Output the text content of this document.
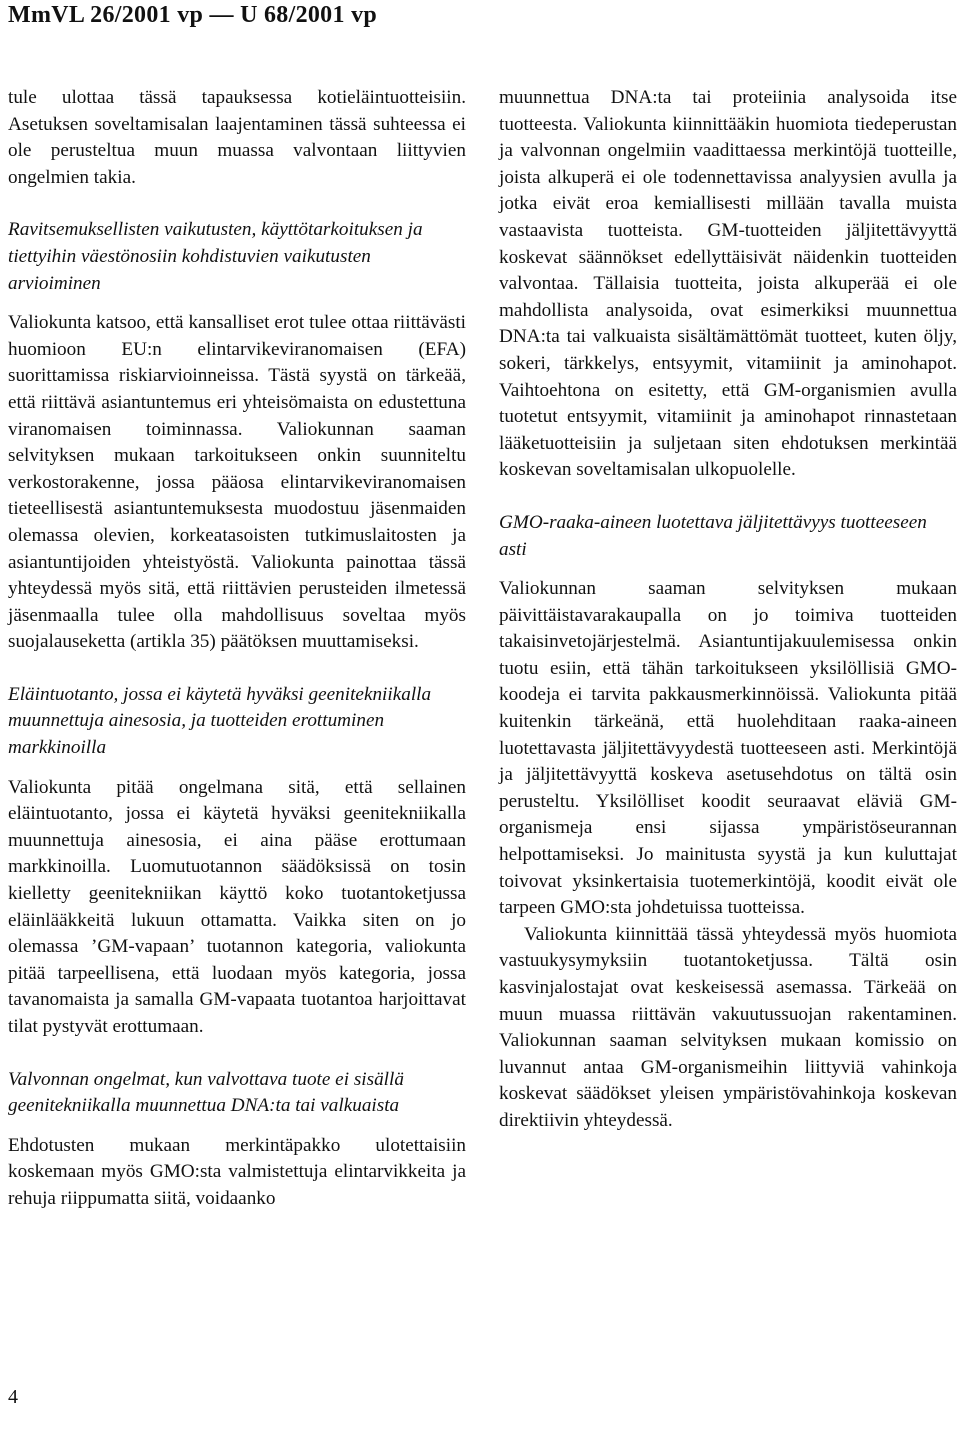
MmVL 26/2001 vp — U 68/2001 vp

tule ulottaa tässä tapauksessa kotieläintuotteisiin. Asetuksen soveltamisalan laajentaminen tässä suhteessa ei ole perusteltua muun muassa valvontaan liittyvien ongelmien takia.

Ravitsemuksellisten vaikutusten, käyttötarkoituksen ja tiettyihin väestönosiin kohdistuvien vaikutusten arvioiminen

Valiokunta katsoo, että kansalliset erot tulee ottaa riittävästi huomioon EU:n elintarvikeviranomaisen (EFA) suorittamissa riskiarvioinneissa. Tästä syystä on tärkeää, että riittävä asiantuntemus eri yhteisömaista on edustettuna viranomaisen toiminnassa. Valiokunnan saaman selvityksen mukaan tarkoitukseen onkin suunniteltu verkostorakenne, jossa pääosa elintarvikeviranomaisen tieteellisestä asiantuntemuksesta muodostuu jäsenmaiden olemassa olevien, korkeatasoisten tutkimuslaitosten ja asiantuntijoiden yhteistyöstä. Valiokunta painottaa tässä yhteydessä myös sitä, että riittävien perusteiden ilmetessä jäsenmaalla tulee olla mahdollisuus soveltaa myös suojalauseketta (artikla 35) päätöksen muuttamiseksi.

Eläintuotanto, jossa ei käytetä hyväksi geenitekniikalla muunnettuja ainesosia, ja tuotteiden erottuminen markkinoilla

Valiokunta pitää ongelmana sitä, että sellainen eläintuotanto, jossa ei käytetä hyväksi geenitekniikalla muunnettuja ainesosia, ei aina pääse erottumaan markkinoilla. Luomutuotannon säädöksissä on tosin kielletty geenitekniikan käyttö koko tuotantoketjussa eläinlääkkeitä lukuun ottamatta. Vaikka siten on jo olemassa ’GM-vapaan’ tuotannon kategoria, valiokunta pitää tarpeellisena, että luodaan myös kategoria, jossa tavanomaista ja samalla GM-vapaata tuotantoa harjoittavat tilat pystyvät erottumaan.

Valvonnan ongelmat, kun valvottava tuote ei sisällä geenitekniikalla muunnettua DNA:ta tai valkuaista

Ehdotusten mukaan merkintäpakko ulotettaisiin koskemaan myös GMO:sta valmistettuja elintarvikkeita ja rehuja riippumatta siitä, voidaanko

muunnettua DNA:ta tai proteiinia analysoida itse tuotteesta. Valiokunta kiinnittääkin huomiota tiedeperustan ja valvonnan ongelmiin vaadittaessa merkintöjä tuotteille, joista alkuperä ei ole todennettavissa analyysien avulla ja jotka eivät eroa kemiallisesti millään tavalla muista vastaavista tuotteista. GM-tuotteiden jäljitettävyyttä koskevat säännökset edellyttäisivät näidenkin tuotteiden valvontaa. Tällaisia tuotteita, joista alkuperää ei ole mahdollista analysoida, ovat esimerkiksi muunnettua DNA:ta tai valkuaista sisältämättömät tuotteet, kuten öljy, sokeri, tärkkelys, entsyymit, vitamiinit ja aminohapot. Vaihtoehtona on esitetty, että GM-organismien avulla tuotetut entsyymit, vitamiinit ja aminohapot rinnastetaan lääketuotteisiin ja suljetaan siten ehdotuksen merkintää koskevan soveltamisalan ulkopuolelle.

GMO-raaka-aineen luotettava jäljitettävyys tuotteeseen asti

Valiokunnan saaman selvityksen mukaan päivittäistavarakaupalla on jo toimiva tuotteiden takaisinvetojärjestelmä. Asiantuntijakuulemisessa onkin tuotu esiin, että tähän tarkoitukseen yksilöllisiä GMO-koodeja ei tarvita pakkausmerkinnöissä. Valiokunta pitää kuitenkin tärkeänä, että huolehditaan raaka-aineen luotettavasta jäljitettävyydestä tuotteeseen asti. Merkintöjä ja jäljitettävyyttä koskeva asetusehdotus on tältä osin perusteltu. Yksilölliset koodit seuraavat eläviä GM-organismeja ensi sijassa ympäristöseurannan helpottamiseksi. Jo mainitusta syystä ja kun kuluttajat toivovat yksinkertaisia tuotemerkintöjä, koodit eivät ole tarpeen GMO:sta johdetuissa tuotteissa.

Valiokunta kiinnittää tässä yhteydessä myös huomiota vastuukysymyksiin tuotantoketjussa. Tältä osin kasvinjalostajat ovat keskeisessä asemassa. Tärkeää on muun muassa riittävän vakuutussuojan rakentaminen. Valiokunnan saaman selvityksen mukaan komissio on luvannut antaa GM-organismeihin liittyviä vahinkoja koskevat säädökset yleisen ympäristövahinkoja koskevan direktiivin yhteydessä.

4
